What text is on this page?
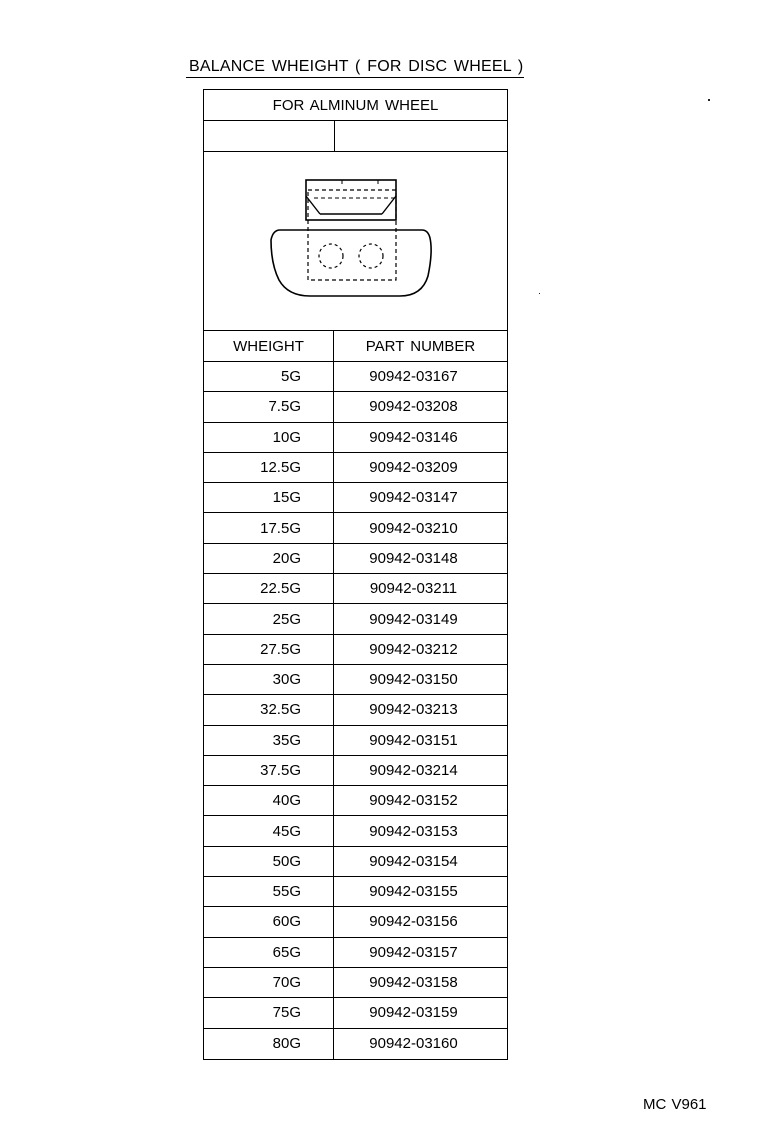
BALANCE WHEIGHT ( FOR DISC WHEEL )
FOR ALMINUM WHEEL
WHEIGHT	PART NUMBER
5G	90942-03167
7.5G	90942-03208
10G	90942-03146
12.5G	90942-03209
15G	90942-03147
17.5G	90942-03210
20G	90942-03148
22.5G	90942-03211
25G	90942-03149
27.5G	90942-03212
30G	90942-03150
32.5G	90942-03213
35G	90942-03151
37.5G	90942-03214
40G	90942-03152
45G	90942-03153
50G	90942-03154
55G	90942-03155
60G	90942-03156
65G	90942-03157
70G	90942-03158
75G	90942-03159
80G	90942-03160
MC V961
